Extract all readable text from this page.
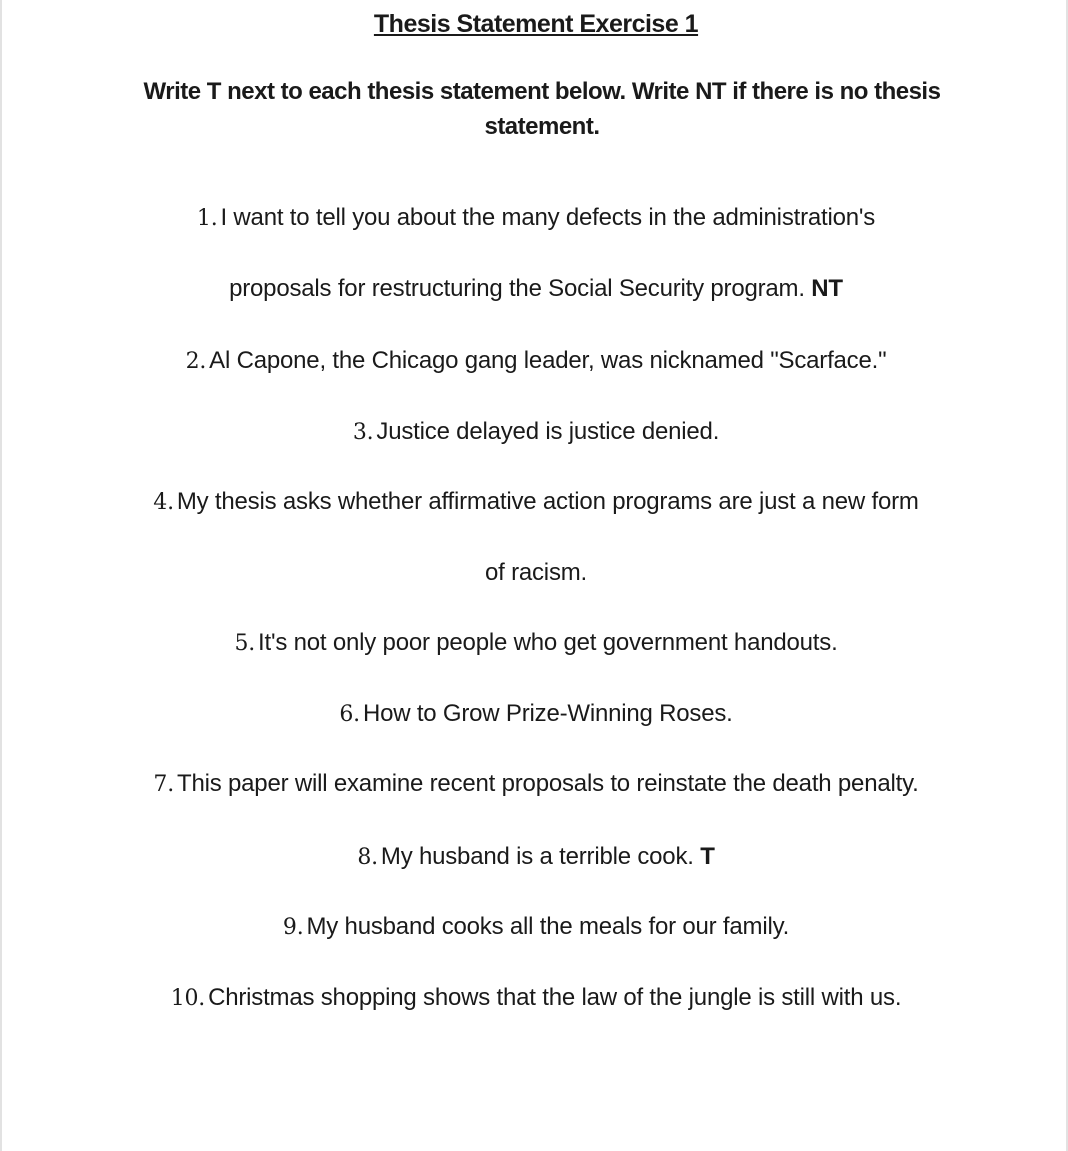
Thesis Statement Exercise 1
Write T next to each thesis statement below. Write NT if there is no thesis statement.
1. I want to tell you about the many defects in the administration's
proposals for restructuring the Social Security program. NT
2. Al Capone, the Chicago gang leader, was nicknamed "Scarface."
3. Justice delayed is justice denied.
4. My thesis asks whether affirmative action programs are just a new form
of racism.
5. It's not only poor people who get government handouts.
6. How to Grow Prize-Winning Roses.
7. This paper will examine recent proposals to reinstate the death penalty.
8. My husband is a terrible cook. T
9. My husband cooks all the meals for our family.
10. Christmas shopping shows that the law of the jungle is still with us.
